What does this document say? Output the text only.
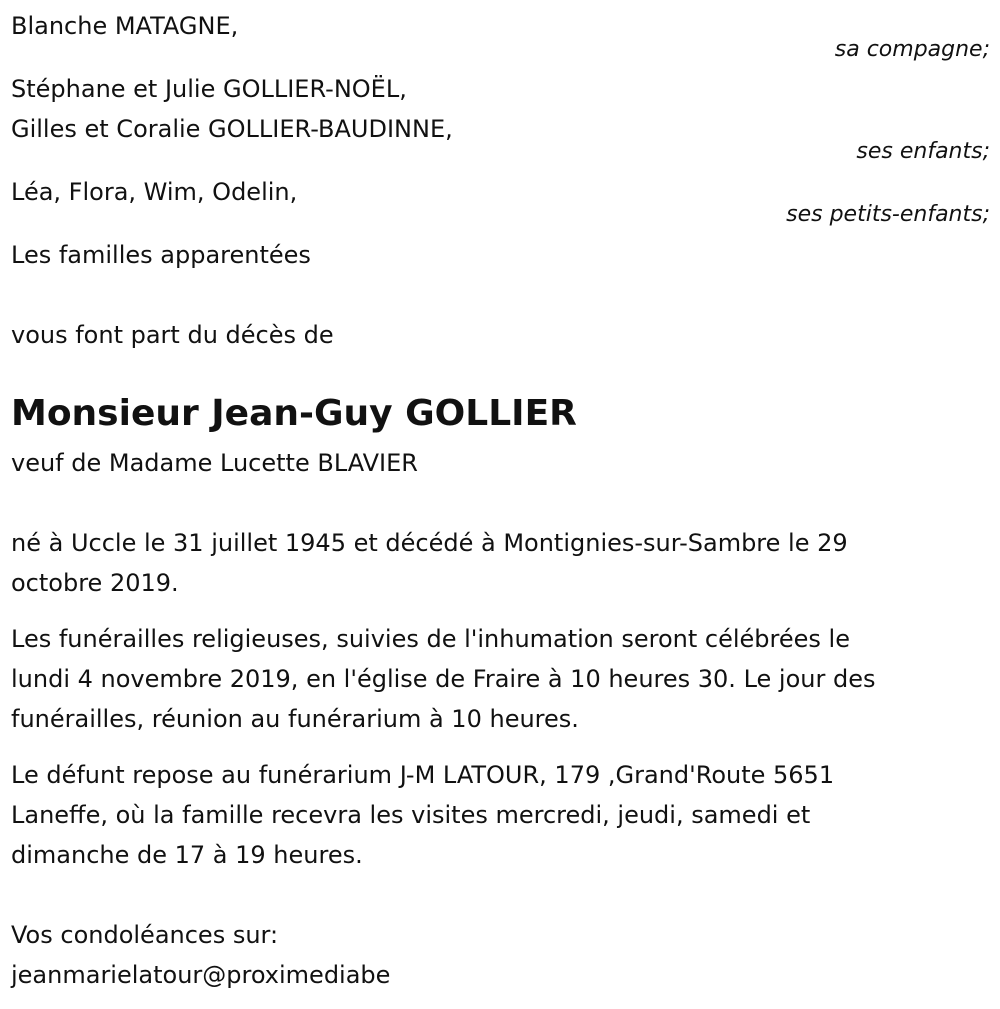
Blanche MATAGNE,
sa compagne;
Stéphane et Julie GOLLIER-NOËL,
Gilles et Coralie GOLLIER-BAUDINNE,
ses enfants;
Léa, Flora, Wim, Odelin,
ses petits-enfants;
Les familles apparentées
vous font part du décès de
Monsieur Jean-Guy GOLLIER
veuf de Madame Lucette BLAVIER
né à Uccle le 31 juillet 1945 et décédé à Montignies-sur-Sambre le 29
octobre 2019.
Les funérailles religieuses, suivies de l'inhumation seront célébrées le
lundi 4 novembre 2019, en l'église de Fraire à 10 heures 30. Le jour des
funérailles, réunion au funérarium à 10 heures.
Le défunt repose au funérarium J-M LATOUR, 179 ,Grand'Route 5651
Laneffe, où la famille recevra les visites mercredi, jeudi, samedi et
dimanche de 17 à 19 heures.
Vos condoléances sur:
jeanmarielatour@proximediabe
